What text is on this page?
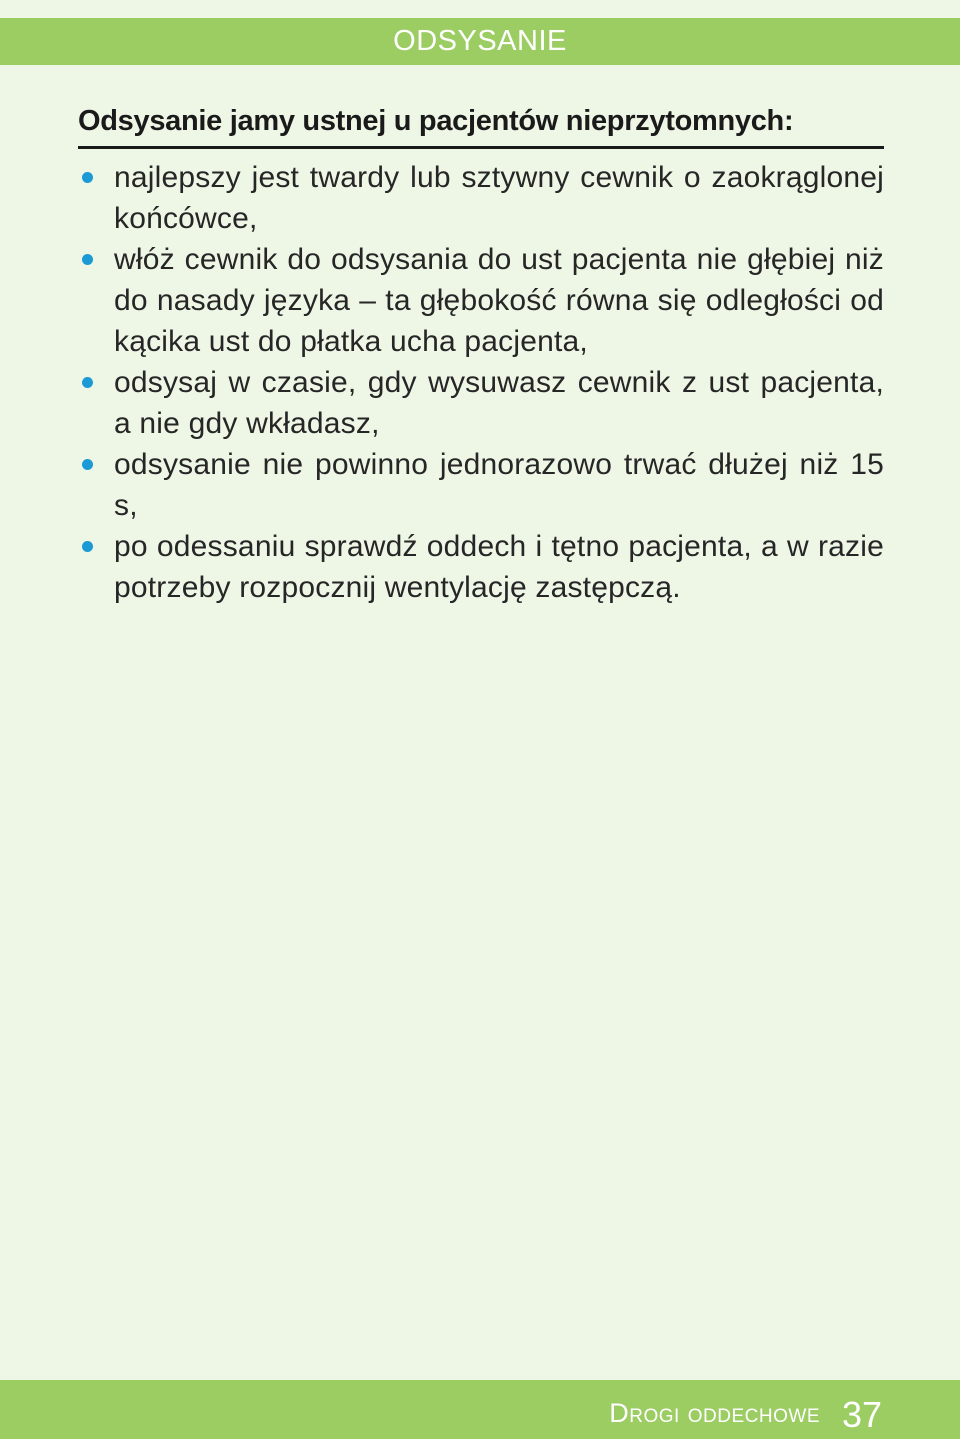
ODSYSANIE
Odsysanie jamy ustnej u pacjentów nieprzytomnych:
najlepszy jest twardy lub sztywny cewnik o zaokrąglonej końcówce,
włóż cewnik do odsysania do ust pacjenta nie głębiej niż do nasady języka – ta głębokość równa się odległości od kącika ust do płatka ucha pacjenta,
odsysaj w czasie, gdy wysuwasz cewnik z ust pacjenta, a nie gdy wkładasz,
odsysanie nie powinno jednorazowo trwać dłużej niż 15 s,
po odessaniu sprawdź oddech i tętno pacjenta, a w razie potrzeby rozpocznij wentylację zastępczą.
Drogi oddechowe 37
